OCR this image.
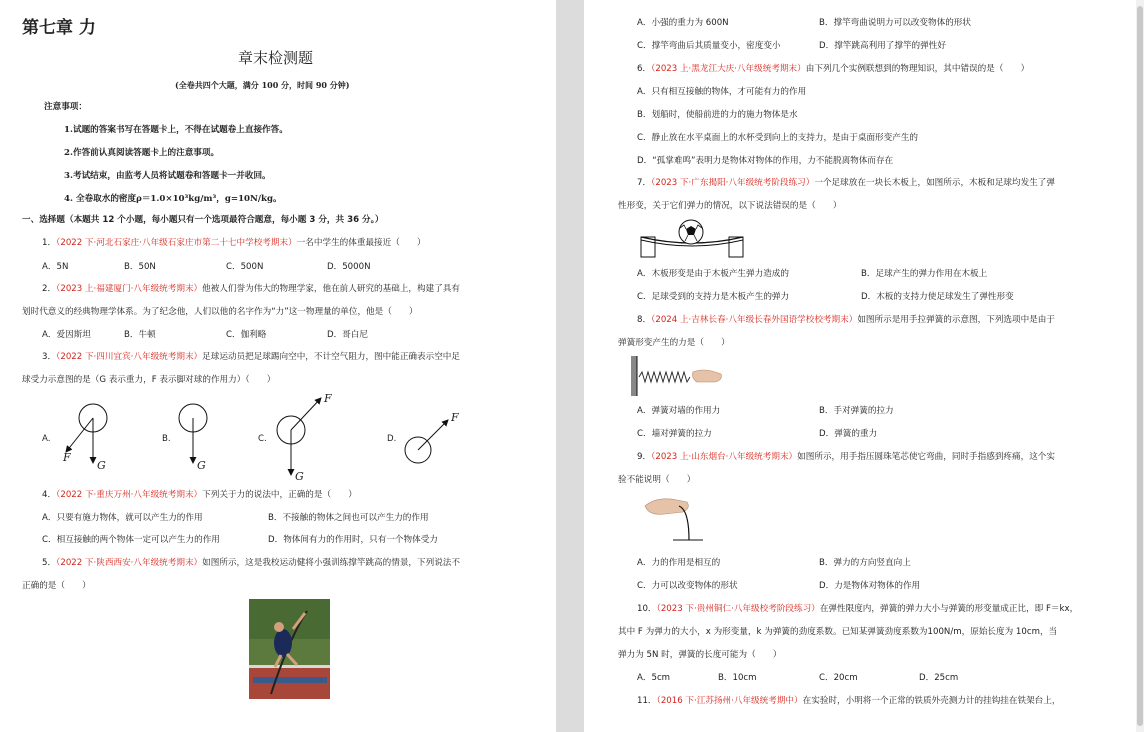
第七章 力
章末检测题
(全卷共四个大题，满分 100 分，时间 90 分钟)
注意事项：
1.试题的答案书写在答题卡上，不得在试题卷上直接作答。
2.作答前认真阅读答题卡上的注意事项。
3.考试结束，由监考人员将试题卷和答题卡一并收回。
4. 全卷取水的密度ρ＝1.0×10³kg/m³，g=10N/kg。
一、选择题（本题共 12 个小题，每小题只有一个选项最符合题意，每小题 3 分，共 36 分。）
1．（2022 下·河北石家庄·八年级石家庄市第二十七中学校考期末）一名中学生的体重最接近（　　）
A．5N	B．50N	C．500N	D．5000N
2．（2023 上·福建厦门·八年级统考期末）他被人们誉为伟大的物理学家，他在前人研究的基础上，构建了具有
划时代意义的经典物理学体系。为了纪念他，人们以他的名字作为“力”这一物理量的单位，他是（　　）
A．爱因斯坦	B．牛顿	C．伽利略	D．哥白尼
3．（2022 下·四川宜宾·八年级统考期末）足球运动员把足球踢向空中，不计空气阻力，图中能正确表示空中足
球受力示意图的是（G 表示重力，F 表示脚对球的作用力）（　　）
A.	B.	C.	D.
F
G	G
F
G
F
4．（2022 下·重庆万州·八年级统考期末）下列关于力的说法中，正确的是（　　）
A．只要有施力物体，就可以产生力的作用	B．不接触的物体之间也可以产生力的作用
C．相互接触的两个物体一定可以产生力的作用	D．物体间有力的作用时，只有一个物体受力
5．（2022 下·陕西西安·八年级统考期末）如图所示，这是我校运动健将小强训练撑竿跳高的情景，下列说法不
正确的是（　　）
A．小强的重力为 600N	B．撑竿弯曲说明力可以改变物体的形状
C．撑竿弯曲后其质量变小，密度变小	D．撑竿跳高利用了撑竿的弹性好
6．（2023 上·黑龙江大庆·八年级统考期末）由下列几个实例联想到的物理知识，其中错误的是（　　）
A．只有相互接触的物体，才可能有力的作用
B．划船时，使船前进的力的施力物体是水
C．静止放在水平桌面上的水杯受到向上的支持力，是由于桌面形变产生的
D．“孤掌难鸣”表明力是物体对物体的作用，力不能脱离物体而存在
7．（2023 下·广东揭阳·八年级统考阶段练习）一个足球放在一块长木板上，如图所示，木板和足球均发生了弹
性形变，关于它们弹力的情况，以下说法错误的是（　　）
A．木板形变是由于木板产生弹力造成的	B．足球产生的弹力作用在木板上
C．足球受到的支持力是木板产生的弹力	D．木板的支持力使足球发生了弹性形变
8．（2024 上·吉林长春·八年级长春外国语学校校考期末）如图所示是用手拉弹簧的示意图，下列选项中是由于
弹簧形变产生的力是（　　）
A．弹簧对墙的作用力	B．手对弹簧的拉力
C．墙对弹簧的拉力	D．弹簧的重力
9．（2023 上·山东烟台·八年级统考期末）如图所示，用手指压圆珠笔芯使它弯曲，同时手指感到疼痛，这个实
验不能说明（　　）
A．力的作用是相互的	B．弹力的方向竖直向上
C．力可以改变物体的形状	D．力是物体对物体的作用
10．（2023 下·贵州铜仁·八年级校考阶段练习）在弹性限度内，弹簧的弹力大小与弹簧的形变量成正比，即 F＝kx，
其中 F 为弹力的大小，x 为形变量，k 为弹簧的劲度系数。已知某弹簧劲度系数为100N/m，原始长度为 10cm，当
弹力为 5N 时，弹簧的长度可能为（　　）
A．5cm	B．10cm	C．20cm	D．25cm
11．（2016 下·江苏扬州·八年级统考期中）在实验时，小明将一个正常的铁质外壳测力计的挂钩挂在铁架台上，
